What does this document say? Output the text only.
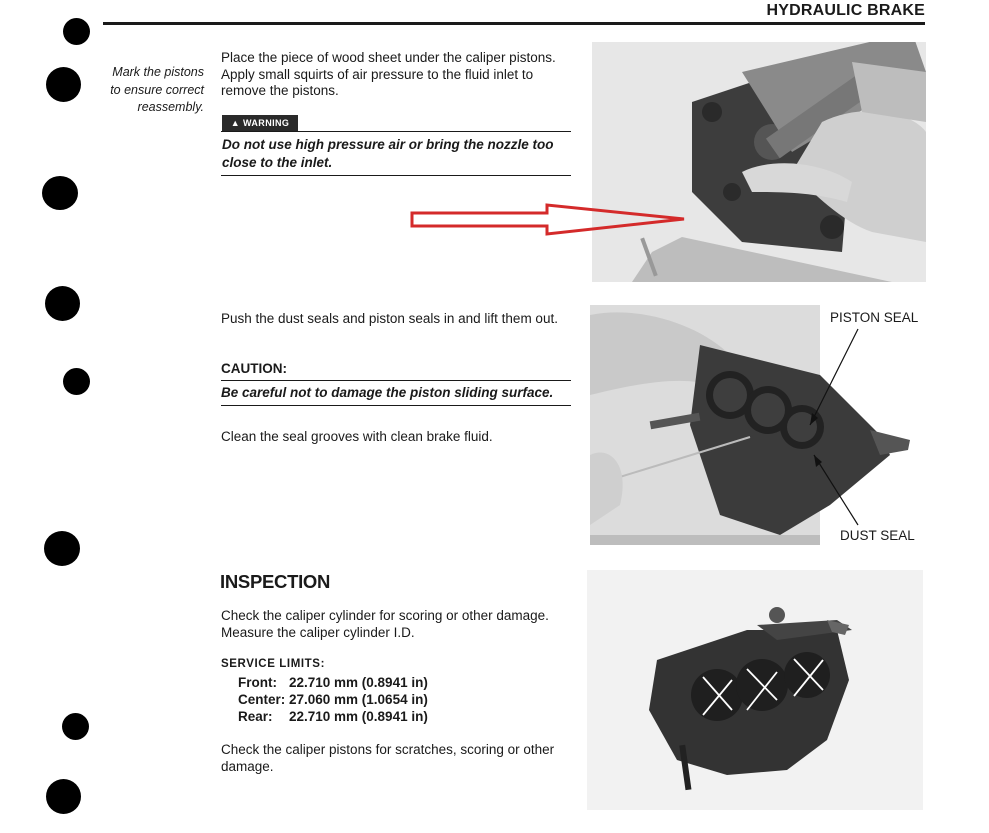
HYDRAULIC BRAKE
Mark the pistons to ensure correct reassembly.

Place the piece of wood sheet under the caliper pistons. Apply small squirts of air pressure to the fluid inlet to remove the pistons.

▲ WARNING
Do not use high pressure air or bring the nozzle too close to the inlet.

Push the dust seals and piston seals in and lift them out.

CAUTION:
Be careful not to damage the piston sliding surface.

Clean the seal grooves with clean brake fluid.

PISTON SEAL
DUST SEAL
INSPECTION

Check the caliper cylinder for scoring or other damage. Measure the caliper cylinder I.D.

SERVICE LIMITS:
Front: 22.710 mm (0.8941 in)
Center: 27.060 mm (1.0654 in)
Rear: 22.710 mm (0.8941 in)

Check the caliper pistons for scratches, scoring or other damage.
